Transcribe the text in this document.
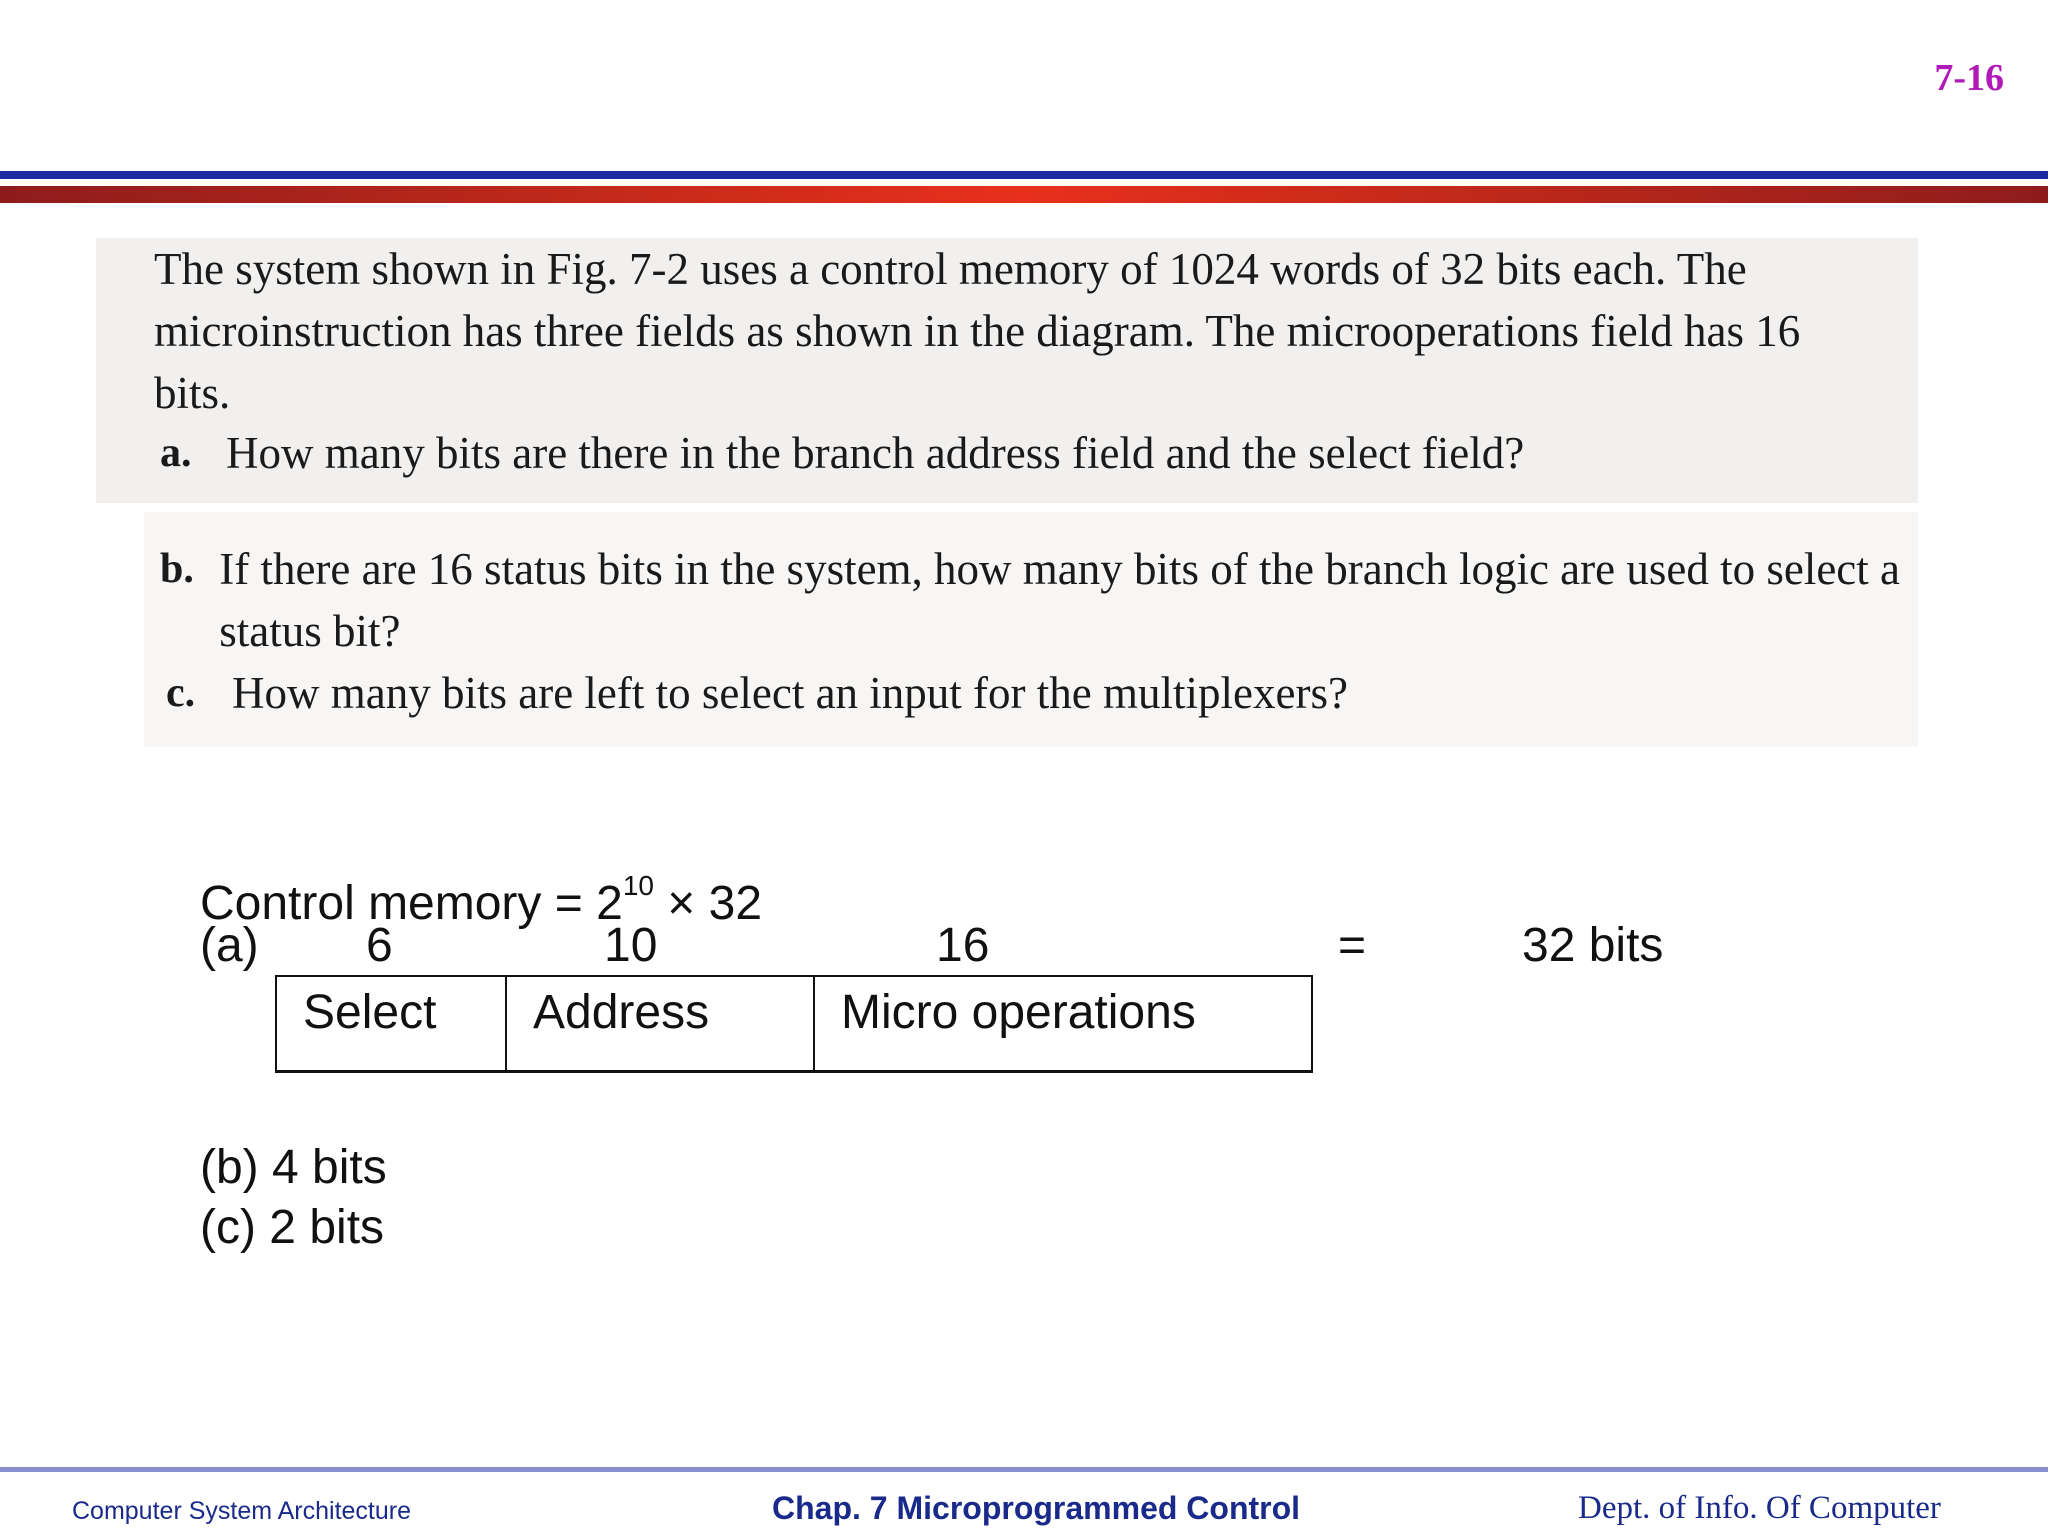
7-16

The system shown in Fig. 7-2 uses a control memory of 1024 words of 32 bits each. The microinstruction has three fields as shown in the diagram. The microoperations field has 16 bits.

a. How many bits are there in the branch address field and the select field?
b. If there are 16 status bits in the system, how many bits of the branch logic are used to select a status bit?
c. How many bits are left to select an input for the multiplexers?
Control memory = $2^{10} \times 32$
(a) 6	10	16	=	32 bits
Select	Address	Micro operations
(b) 4 bits
(c) 2 bits
Computer System Architecture	Chap. 7 Microprogrammed Control	Dept. of Info. Of Computer
